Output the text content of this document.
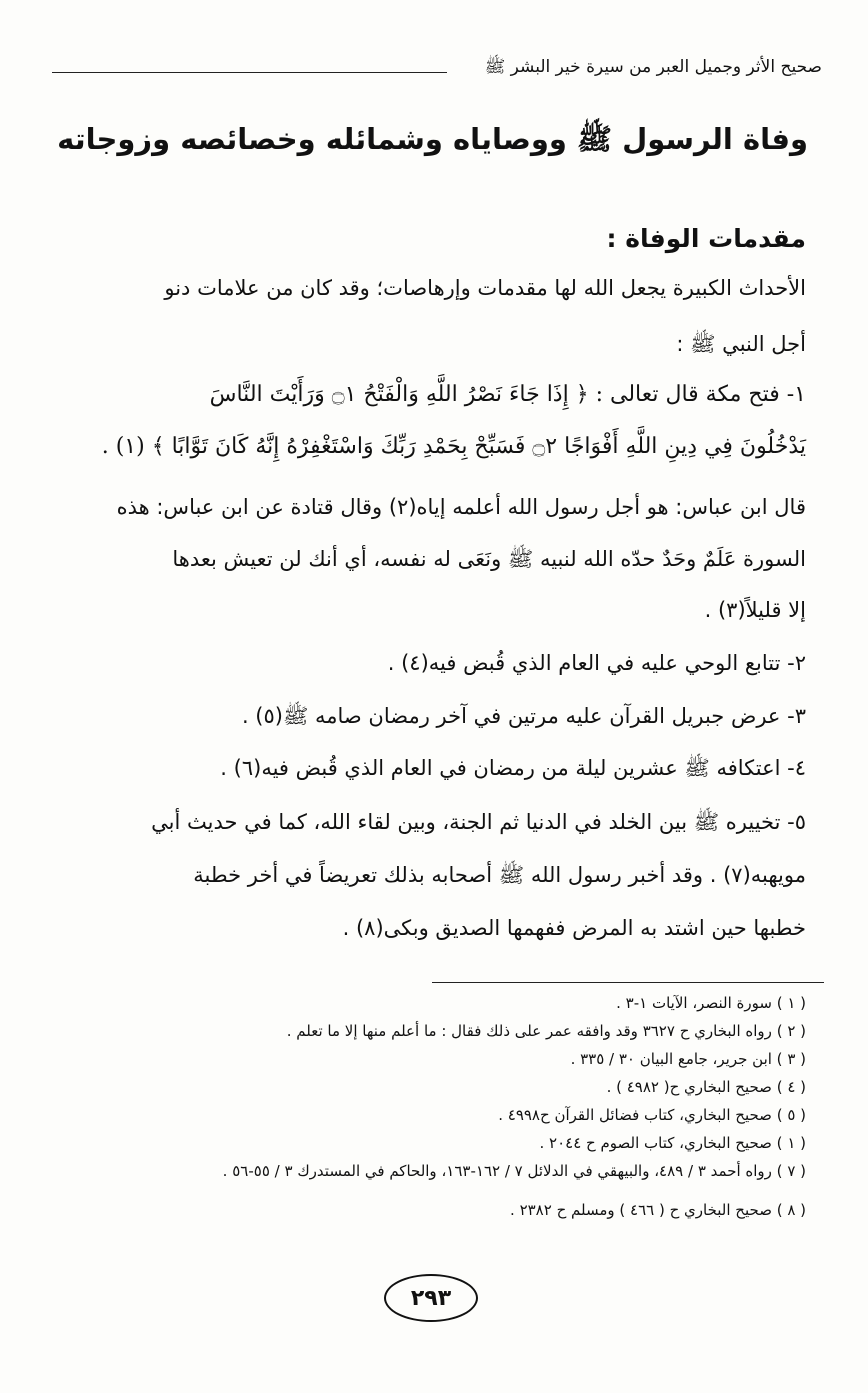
صحيح الأثر وجميل العبر من سيرة خير البشر ﷺ
وفاة الرسول ﷺ ووصاياه وشمائله وخصائصه وزوجاته
مقدمات الوفاة :
الأحداث الكبيرة يجعل الله لها مقدمات وإرهاصات؛ وقد كان من علامات دنو
أجل النبي ﷺ :
١- فتح مكة قال تعالى : ﴿ إِذَا جَاءَ نَصْرُ اللَّهِ وَالْفَتْحُ ۝١ وَرَأَيْتَ النَّاسَ
يَدْخُلُونَ فِي دِينِ اللَّهِ أَفْوَاجًا ۝٢ فَسَبِّحْ بِحَمْدِ رَبِّكَ وَاسْتَغْفِرْهُ إِنَّهُ كَانَ تَوَّابًا ﴾ (١) .
قال ابن عباس: هو أجل رسول الله أعلمه إياه(٢) وقال قتادة عن ابن عباس: هذه
السورة عَلَمٌ وحَدٌ حدّه الله لنبيه ﷺ ونَعَى له نفسه، أي أنك لن تعيش بعدها
إلا قليلاً(٣) .
٢- تتابع الوحي عليه في العام الذي قُبض فيه(٤) .
٣- عرض جبريل القرآن عليه مرتين في آخر رمضان صامه ﷺ(٥) .
٤- اعتكافه ﷺ عشرين ليلة من رمضان في العام الذي قُبض فيه(٦) .
٥- تخييره ﷺ بين الخلد في الدنيا ثم الجنة، وبين لقاء الله، كما في حديث أبي
مويهبه(٧) . وقد أخبر رسول الله ﷺ أصحابه بذلك تعريضاً في أخر خطبة
خطبها حين اشتد به المرض ففهمها الصديق وبكى(٨) .
( ١ ) سورة النصر، الآيات ١-٣ .
( ٢ ) رواه البخاري ح ٣٦٢٧ وقد وافقه عمر على ذلك فقال : ما أعلم منها إلا ما تعلم .
( ٣ ) ابن جرير، جامع البيان ٣٠ / ٣٣٥ .
( ٤ ) صحيح البخاري ح( ٤٩٨٢ ) .
( ٥ ) صحيح البخاري، كتاب فضائل القرآن ح٤٩٩٨ .
( ١ ) صحيح البخاري، كتاب الصوم ح ٢٠٤٤ .
( ٧ ) رواه أحمد ٣ / ٤٨٩، والبيهقي في الدلائل ٧ / ١٦٢-١٦٣، والحاكم في المستدرك ٣ / ٥٥-٥٦ .
( ٨ ) صحيح البخاري ح ( ٤٦٦ ) ومسلم ح ٢٣٨٢ .
٢٩٣
